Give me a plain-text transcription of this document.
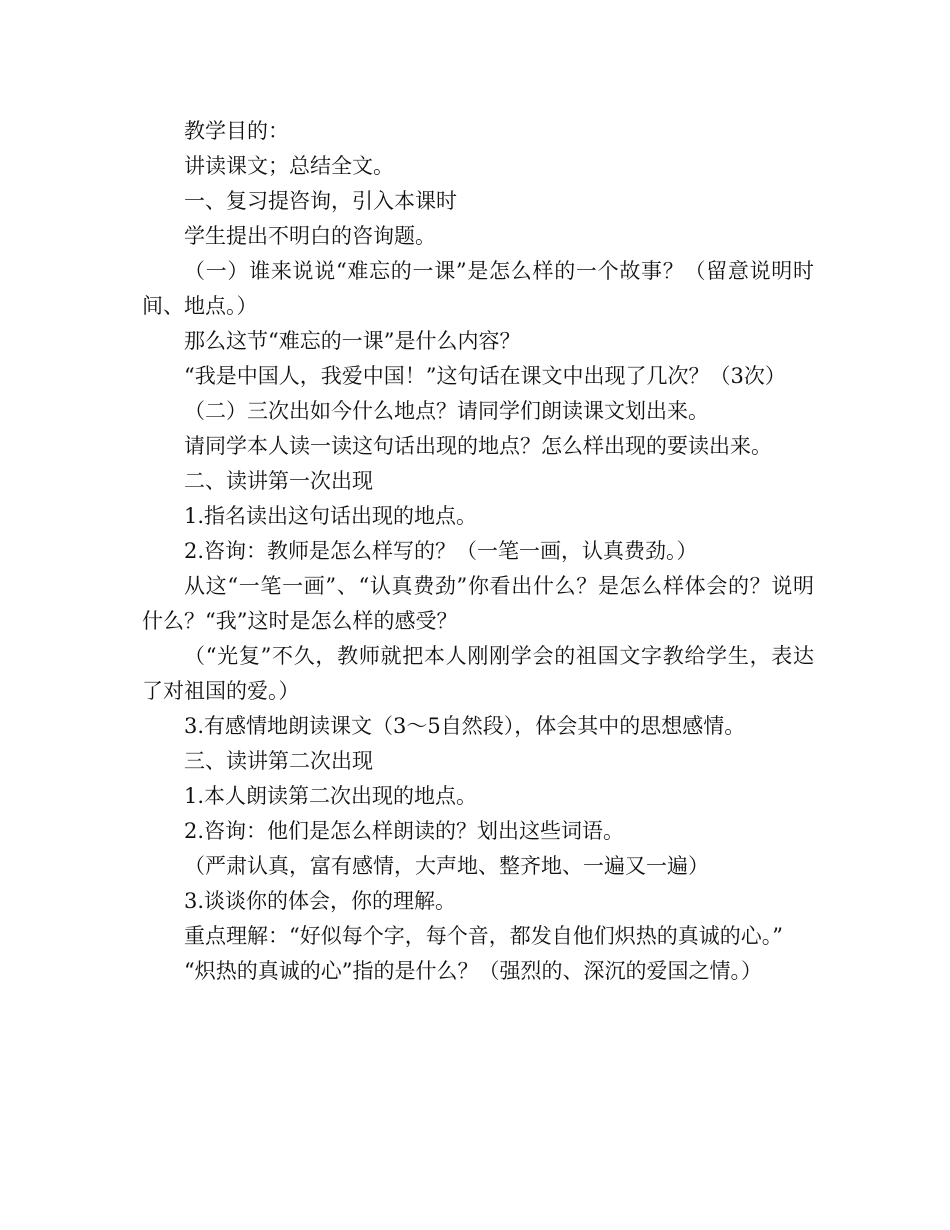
教学目的：

讲读课文；总结全文。

一、复习提咨询，引入本课时

学生提出不明白的咨询题。

（一）谁来说说“难忘的一课”是怎么样的一个故事？（留意说明时间、地点。）

那么这节“难忘的一课”是什么内容？

“我是中国人，我爱中国！”这句话在课文中出现了几次？（3次）

（二）三次出如今什么地点？请同学们朗读课文划出来。

请同学本人读一读这句话出现的地点？怎么样出现的要读出来。

二、读讲第一次出现

1.指名读出这句话出现的地点。

2.咨询：教师是怎么样写的？（一笔一画，认真费劲。）

从这“一笔一画”、“认真费劲”你看出什么？是怎么样体会的？说明什么？“我”这时是怎么样的感受？

（“光复”不久，教师就把本人刚刚学会的祖国文字教给学生，表达了对祖国的爱。）

3.有感情地朗读课文（3～5自然段），体会其中的思想感情。

三、读讲第二次出现

1.本人朗读第二次出现的地点。

2.咨询：他们是怎么样朗读的？划出这些词语。

（严肃认真，富有感情，大声地、整齐地、一遍又一遍）

3.谈谈你的体会，你的理解。

重点理解：“好似每个字，每个音，都发自他们炽热的真诚的心。”

“炽热的真诚的心”指的是什么？（强烈的、深沉的爱国之情。）
